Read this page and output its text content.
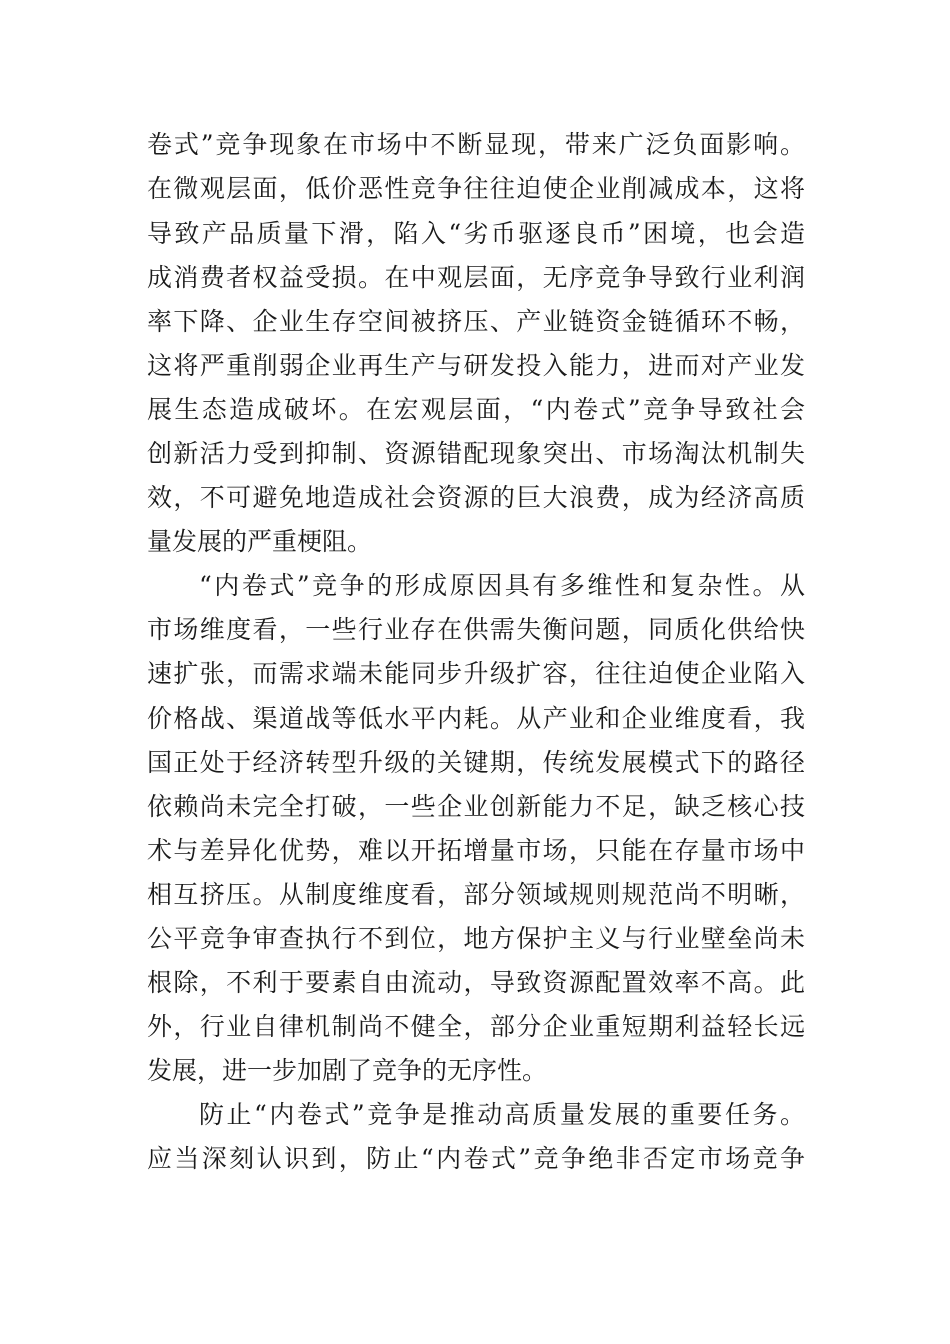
卷式”竞争现象在市场中不断显现，带来广泛负面影响。
在微观层面，低价恶性竞争往往迫使企业削减成本，这将
导致产品质量下滑，陷入“劣币驱逐良币”困境，也会造
成消费者权益受损。在中观层面，无序竞争导致行业利润
率下降、企业生存空间被挤压、产业链资金链循环不畅，
这将严重削弱企业再生产与研发投入能力，进而对产业发
展生态造成破坏。在宏观层面，“内卷式”竞争导致社会
创新活力受到抑制、资源错配现象突出、市场淘汰机制失
效，不可避免地造成社会资源的巨大浪费，成为经济高质
量发展的严重梗阻。
“内卷式”竞争的形成原因具有多维性和复杂性。从
市场维度看，一些行业存在供需失衡问题，同质化供给快
速扩张，而需求端未能同步升级扩容，往往迫使企业陷入
价格战、渠道战等低水平内耗。从产业和企业维度看，我
国正处于经济转型升级的关键期，传统发展模式下的路径
依赖尚未完全打破，一些企业创新能力不足，缺乏核心技
术与差异化优势，难以开拓增量市场，只能在存量市场中
相互挤压。从制度维度看，部分领域规则规范尚不明晰，
公平竞争审查执行不到位，地方保护主义与行业壁垒尚未
根除，不利于要素自由流动，导致资源配置效率不高。此
外，行业自律机制尚不健全，部分企业重短期利益轻长远
发展，进一步加剧了竞争的无序性。
防止“内卷式”竞争是推动高质量发展的重要任务。
应当深刻认识到，防止“内卷式”竞争绝非否定市场竞争
